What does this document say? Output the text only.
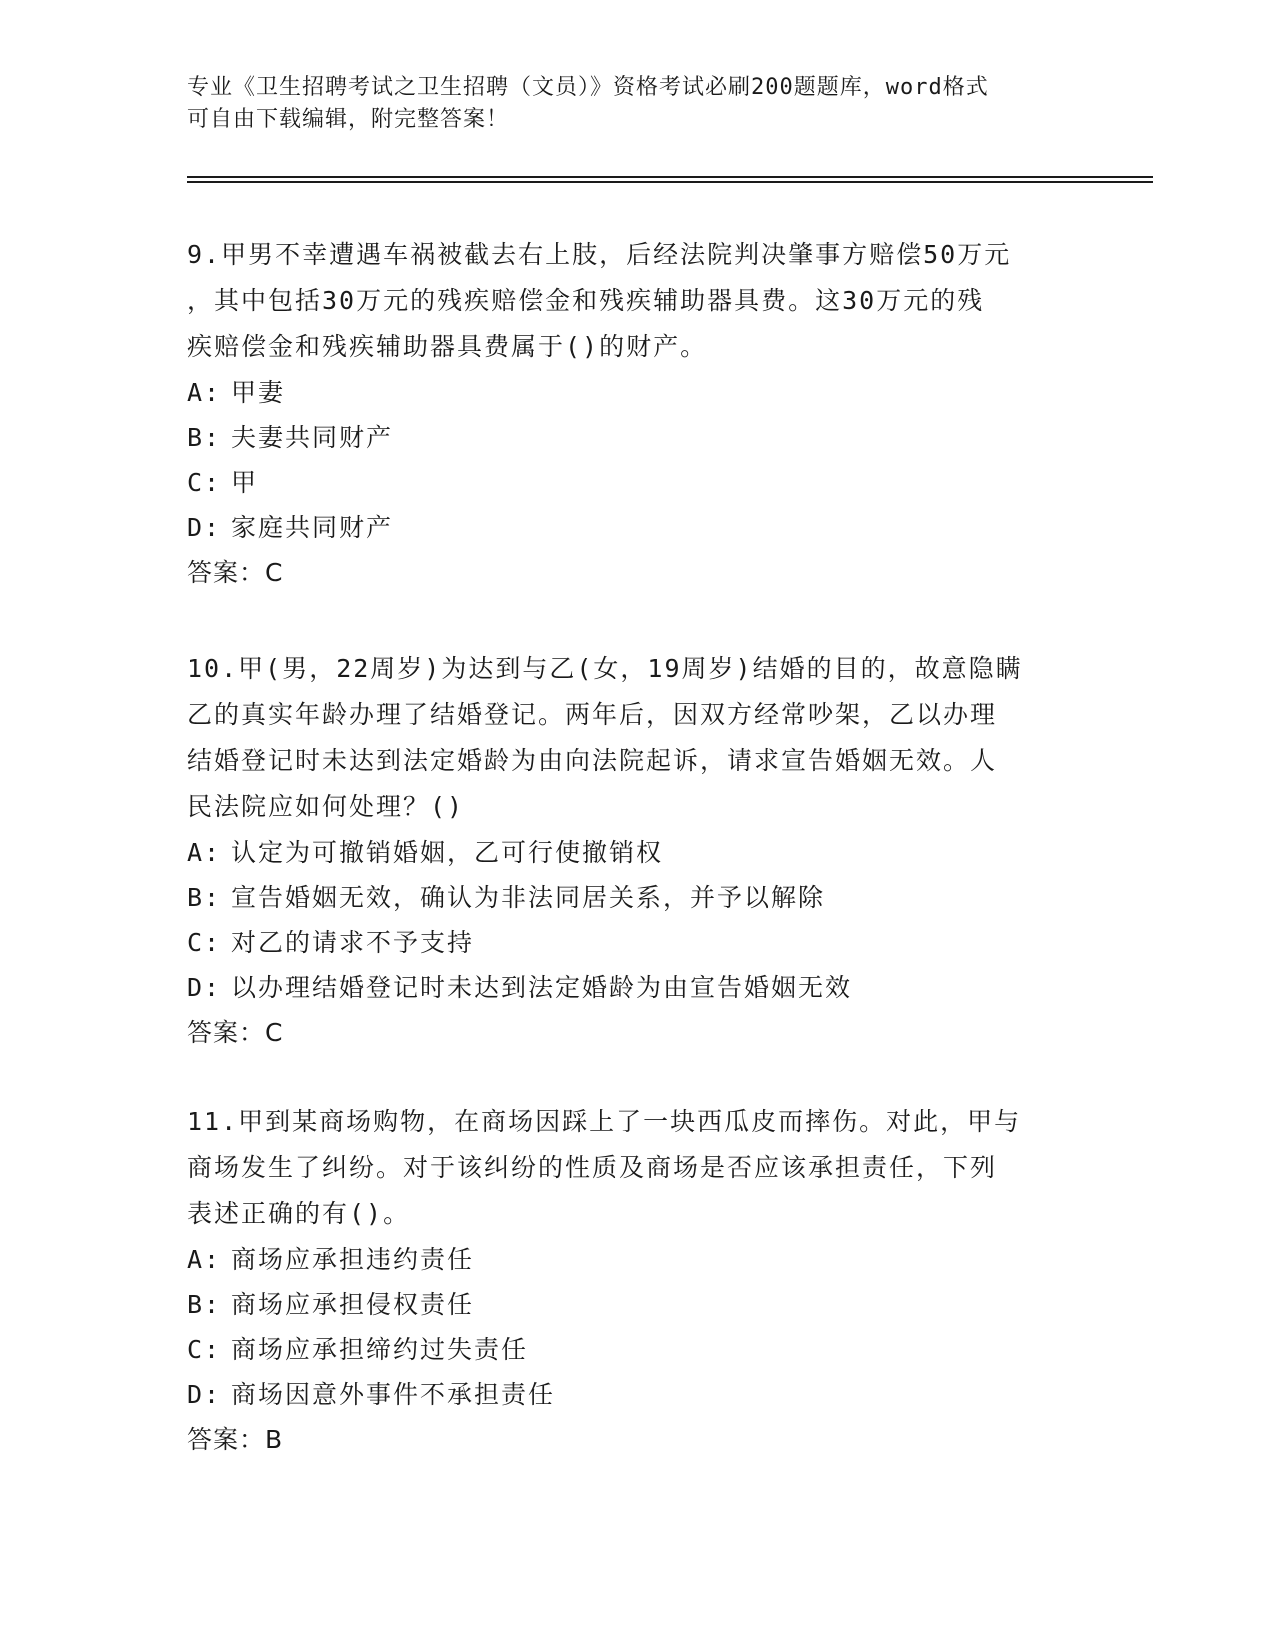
专业《卫生招聘考试之卫生招聘（文员）》资格考试必刷200题题库，word格式
可自由下载编辑，附完整答案！
9.甲男不幸遭遇车祸被截去右上肢，后经法院判决肇事方赔偿50万元
，其中包括30万元的残疾赔偿金和残疾辅助器具费。这30万元的残
疾赔偿金和残疾辅助器具费属于()的财产。
A: 甲妻
B: 夫妻共同财产
C: 甲
D: 家庭共同财产
答案：C
10.甲(男，22周岁)为达到与乙(女，19周岁)结婚的目的，故意隐瞒
乙的真实年龄办理了结婚登记。两年后，因双方经常吵架，乙以办理
结婚登记时未达到法定婚龄为由向法院起诉，请求宣告婚姻无效。人
民法院应如何处理？()
A: 认定为可撤销婚姻，乙可行使撤销权
B: 宣告婚姻无效，确认为非法同居关系，并予以解除
C: 对乙的请求不予支持
D: 以办理结婚登记时未达到法定婚龄为由宣告婚姻无效
答案：C
11.甲到某商场购物，在商场因踩上了一块西瓜皮而摔伤。对此，甲与
商场发生了纠纷。对于该纠纷的性质及商场是否应该承担责任，下列
表述正确的有()。
A: 商场应承担违约责任
B: 商场应承担侵权责任
C: 商场应承担缔约过失责任
D: 商场因意外事件不承担责任
答案：B
